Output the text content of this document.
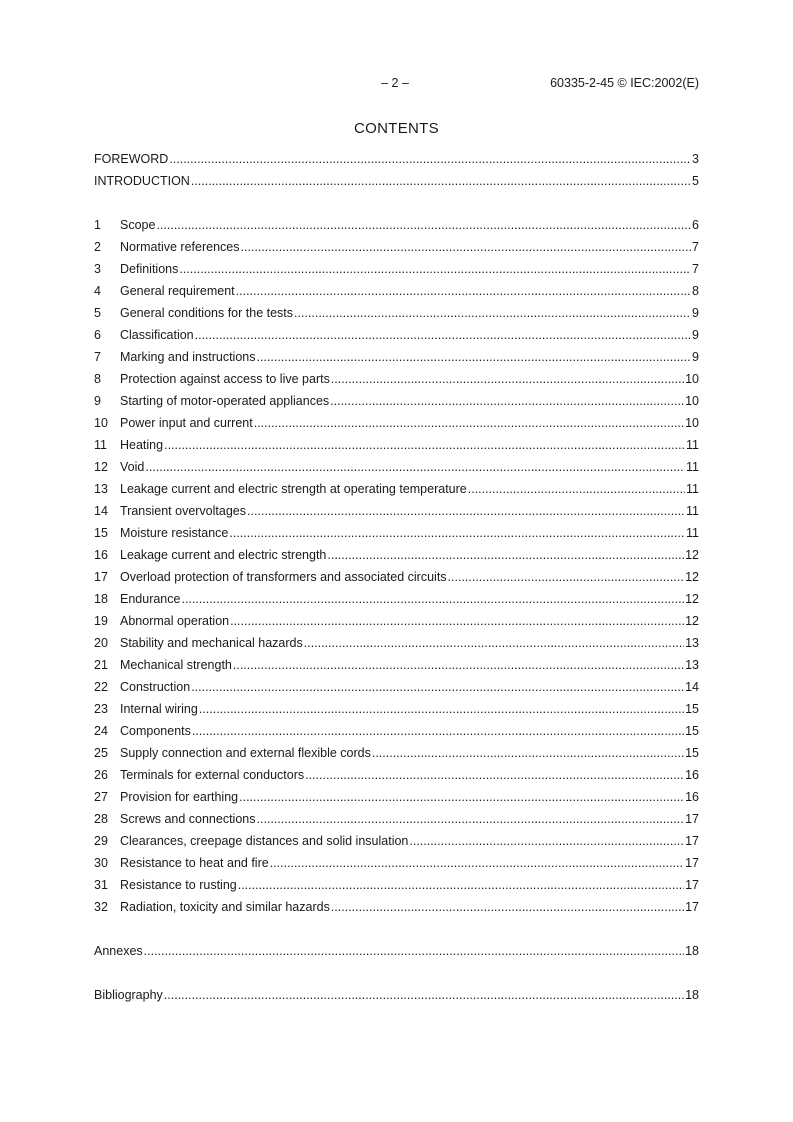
– 2 –	60335-2-45 © IEC:2002(E)
CONTENTS
FOREWORD .....	3
INTRODUCTION .....	5
1	Scope .....	6
2	Normative references .....	7
3	Definitions .....	7
4	General requirement .....	8
5	General conditions for the tests .....	9
6	Classification .....	9
7	Marking and instructions .....	9
8	Protection against access to live parts .....	10
9	Starting of motor-operated appliances .....	10
10 Power input and current .....	10
11	Heating .....	11
12 Void .....	11
13 Leakage current and electric strength at operating temperature .....	11
14 Transient overvoltages .....	11
15 Moisture resistance .....	11
16 Leakage current and electric strength .....	12
17 Overload protection of transformers and associated circuits .....	12
18 Endurance .....	12
19 Abnormal operation .....	12
20 Stability and mechanical hazards .....	13
21 Mechanical strength .....	13
22 Construction .....	14
23 Internal wiring .....	15
24 Components .....	15
25 Supply connection and external flexible cords .....	15
26 Terminals for external conductors .....	16
27 Provision for earthing .....	16
28 Screws and connections .....	17
29 Clearances, creepage distances and solid insulation .....	17
30 Resistance to heat and fire .....	17
31 Resistance to rusting .....	17
32 Radiation, toxicity and similar hazards .....	17
Annexes .....	18
Bibliography .....	18
